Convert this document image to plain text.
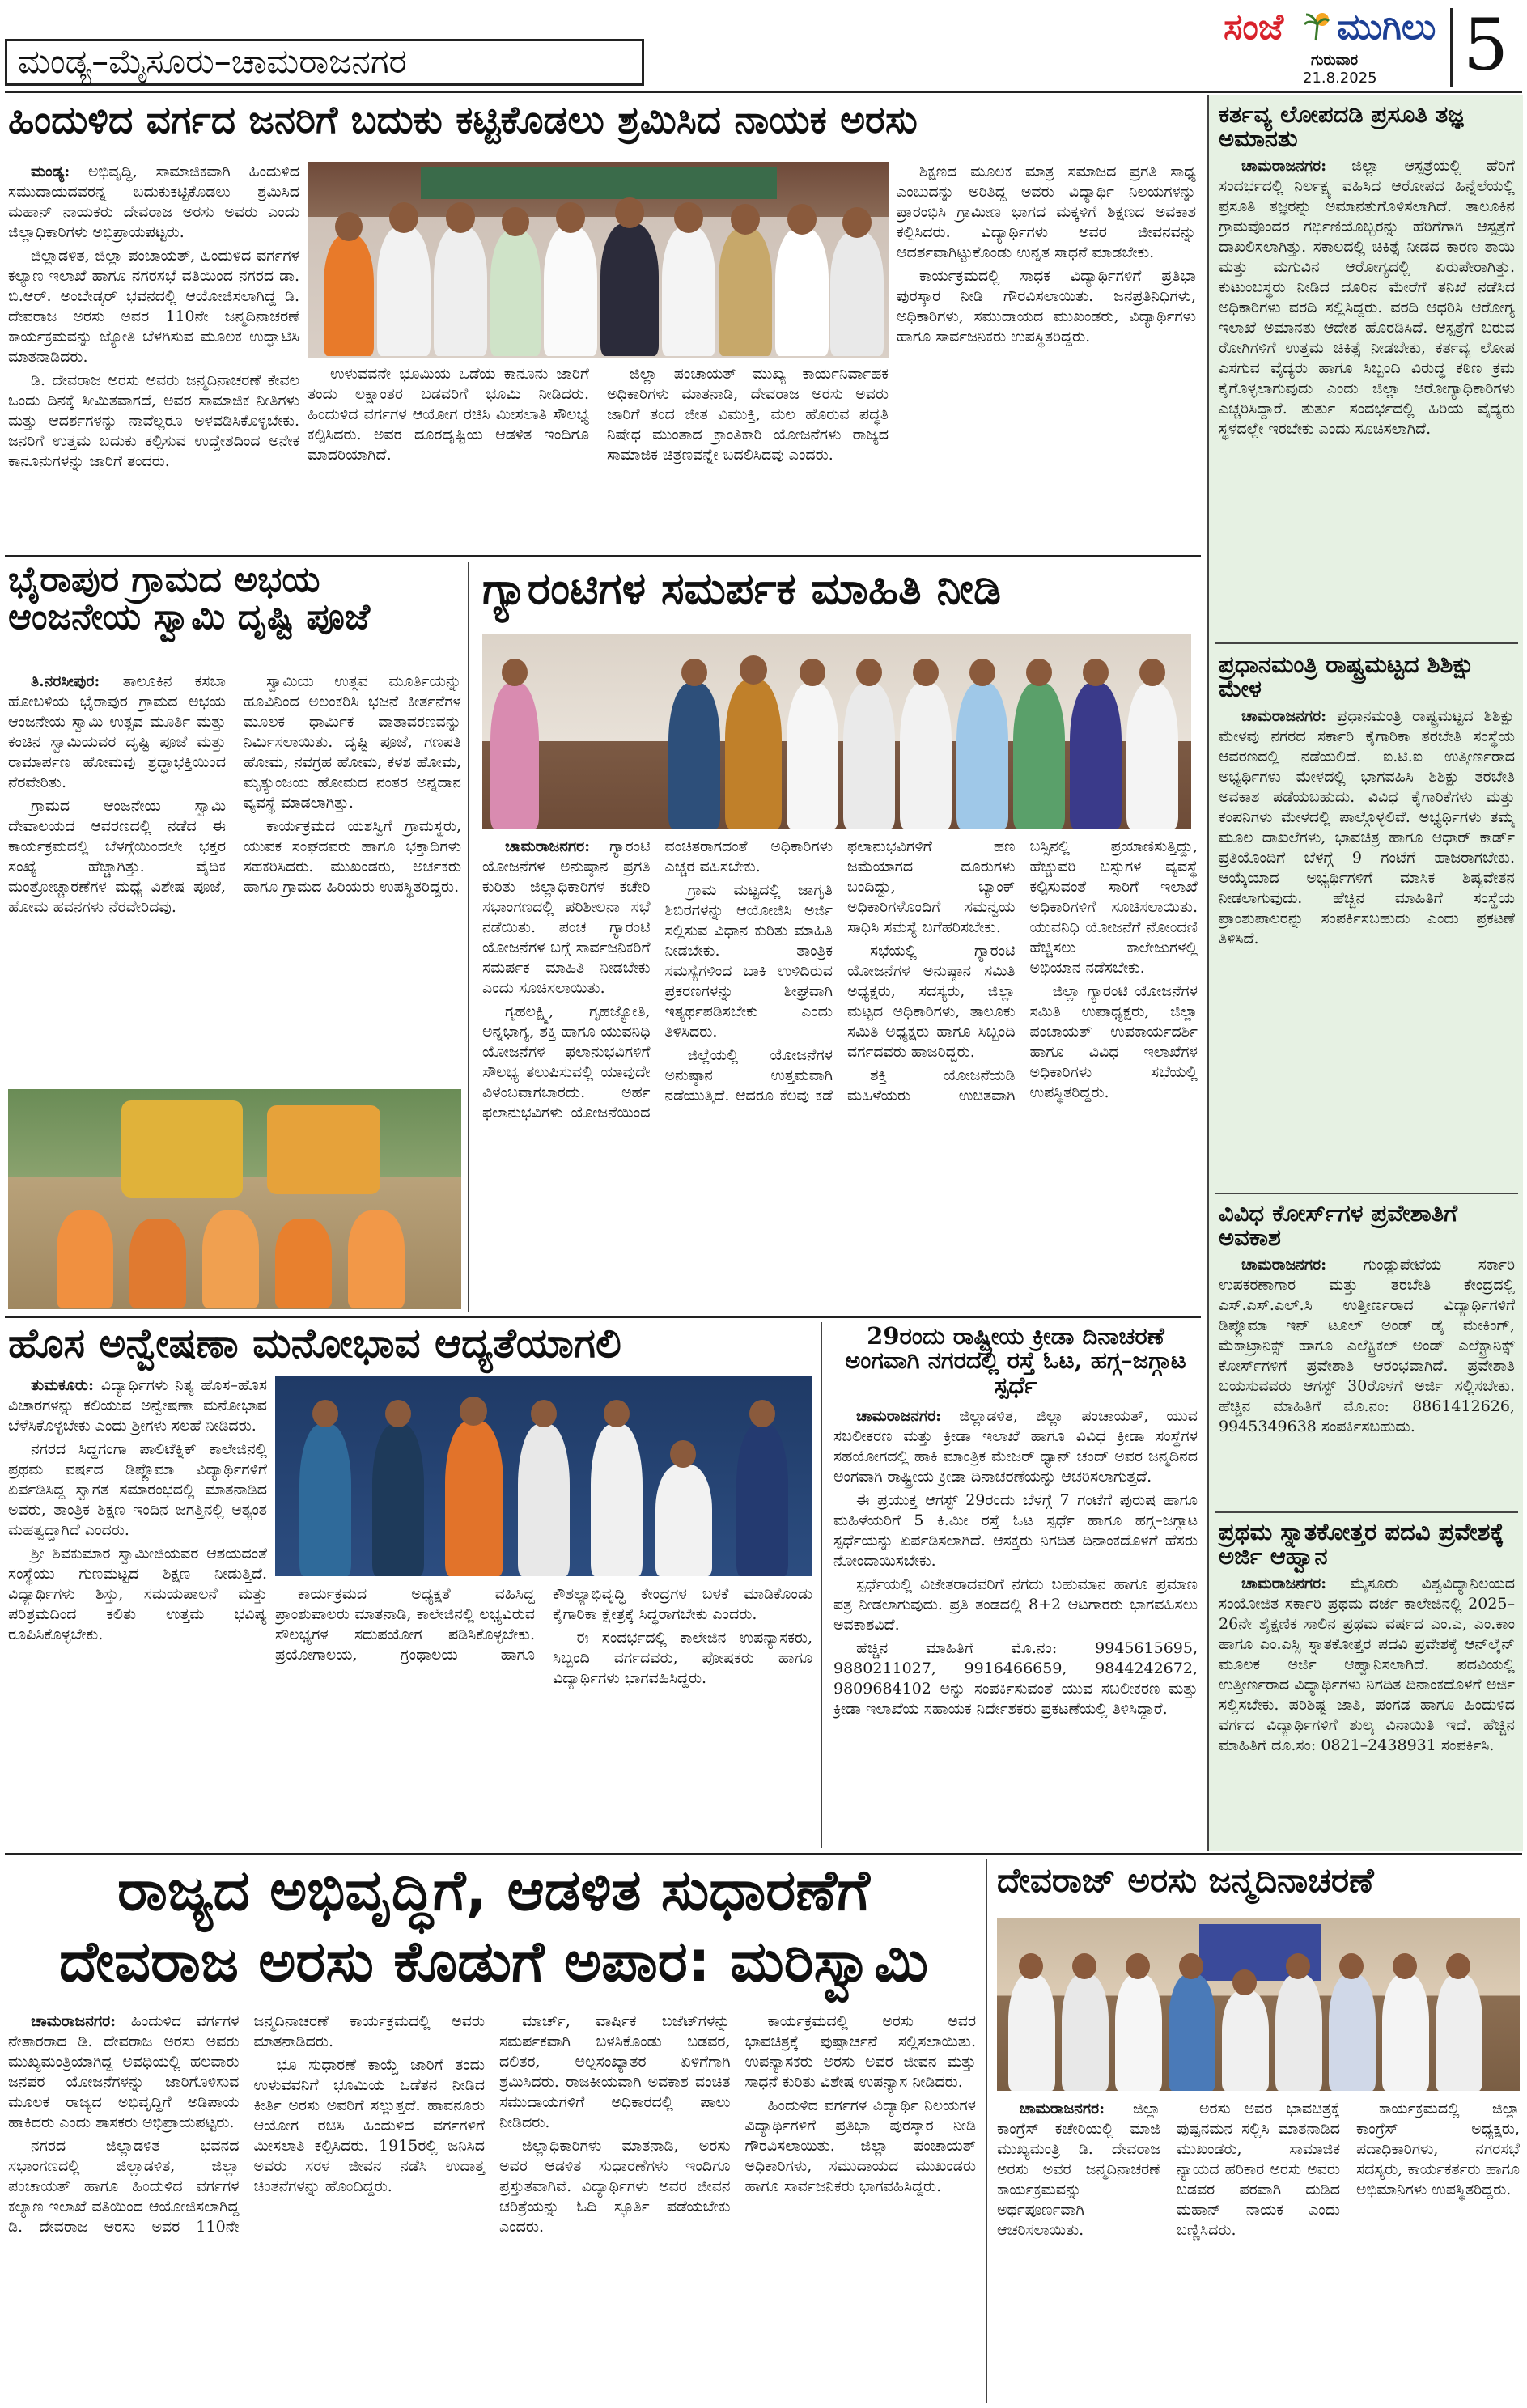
ಮಂಡ್ಯ–ಮೈಸೂರು–ಚಾಮರಾಜನಗರ
ಸಂಜೆ ಮುಗಿಲು
ಗುರುವಾರ
21.8.2025 5
ಹಿಂದುಳಿದ ವರ್ಗದ ಜನರಿಗೆ ಬದುಕು ಕಟ್ಟಿಕೊಡಲು ಶ್ರಮಿಸಿದ ನಾಯಕ ಅರಸು

ಮಂಡ್ಯ: ಅಭಿವೃದ್ಧಿ, ಸಾಮಾಜಿಕವಾಗಿ ಹಿಂದುಳಿದ ಸಮುದಾಯದವರನ್ನ ಬದುಕುಕಟ್ಟಿಕೊಡಲು ಶ್ರಮಿಸಿದ ಮಹಾನ್ ನಾಯಕರು ದೇವರಾಜ ಅರಸು ಅವರು ಎಂದು ಜಿಲ್ಲಾಧಿಕಾರಿಗಳು ಅಭಿಪ್ರಾಯಪಟ್ಟರು.

ಜಿಲ್ಲಾಡಳಿತ, ಜಿಲ್ಲಾ ಪಂಚಾಯತ್, ಹಿಂದುಳಿದ ವರ್ಗಗಳ ಕಲ್ಯಾಣ ಇಲಾಖೆ ಹಾಗೂ ನಗರಸಭೆ ವತಿಯಿಂದ ನಗರದ ಡಾ. ಬಿ.ಆರ್. ಅಂಬೇಡ್ಕರ್ ಭವನದಲ್ಲಿ ಆಯೋಜಿಸಲಾಗಿದ್ದ ಡಿ. ದೇವರಾಜ ಅರಸು ಅವರ 110ನೇ ಜನ್ಮದಿನಾಚರಣೆ ಕಾರ್ಯಕ್ರಮವನ್ನು ಜ್ಯೋತಿ ಬೆಳಗಿಸುವ ಮೂಲಕ ಉದ್ಘಾಟಿಸಿ ಮಾತನಾಡಿದರು.

ಡಿ. ದೇವರಾಜ ಅರಸು ಅವರು ಜನ್ಮದಿನಾಚರಣೆ ಕೇವಲ ಒಂದು ದಿನಕ್ಕೆ ಸೀಮಿತವಾಗದೆ, ಅವರ ಸಾಮಾಜಿಕ ನೀತಿಗಳು ಮತ್ತು ಆದರ್ಶಗಳನ್ನು ನಾವೆಲ್ಲರೂ ಅಳವಡಿಸಿಕೊಳ್ಳಬೇಕು. ಜನರಿಗೆ ಉತ್ತಮ ಬದುಕು ಕಲ್ಪಿಸುವ ಉದ್ದೇಶದಿಂದ ಅನೇಕ ಕಾನೂನುಗಳನ್ನು ಜಾರಿಗೆ ತಂದರು.

ಶಿಕ್ಷಣದ ಮೂಲಕ ಮಾತ್ರ ಸಮಾಜದ ಪ್ರಗತಿ ಸಾಧ್ಯ ಎಂಬುದನ್ನು ಅರಿತಿದ್ದ ಅವರು ವಿದ್ಯಾರ್ಥಿ ನಿಲಯಗಳನ್ನು ಪ್ರಾರಂಭಿಸಿ ಗ್ರಾಮೀಣ ಭಾಗದ ಮಕ್ಕಳಿಗೆ ಶಿಕ್ಷಣದ ಅವಕಾಶ ಕಲ್ಪಿಸಿದರು. ವಿದ್ಯಾರ್ಥಿಗಳು ಅವರ ಜೀವನವನ್ನು ಆದರ್ಶವಾಗಿಟ್ಟುಕೊಂಡು ಉನ್ನತ ಸಾಧನೆ ಮಾಡಬೇಕು.

ಕಾರ್ಯಕ್ರಮದಲ್ಲಿ ಸಾಧಕ ವಿದ್ಯಾರ್ಥಿಗಳಿಗೆ ಪ್ರತಿಭಾ ಪುರಸ್ಕಾರ ನೀಡಿ ಗೌರವಿಸಲಾಯಿತು. ಜನಪ್ರತಿನಿಧಿಗಳು, ಅಧಿಕಾರಿಗಳು, ಸಮುದಾಯದ ಮುಖಂಡರು, ವಿದ್ಯಾರ್ಥಿಗಳು ಹಾಗೂ ಸಾರ್ವಜನಿಕರು ಉಪಸ್ಥಿತರಿದ್ದರು.

ಉಳುವವನೇ ಭೂಮಿಯ ಒಡೆಯ ಕಾನೂನು ಜಾರಿಗೆ ತಂದು ಲಕ್ಷಾಂತರ ಬಡವರಿಗೆ ಭೂಮಿ ನೀಡಿದರು. ಹಿಂದುಳಿದ ವರ್ಗಗಳ ಆಯೋಗ ರಚಿಸಿ ಮೀಸಲಾತಿ ಸೌಲಭ್ಯ ಕಲ್ಪಿಸಿದರು. ಅವರ ದೂರದೃಷ್ಟಿಯ ಆಡಳಿತ ಇಂದಿಗೂ ಮಾದರಿಯಾಗಿದೆ.

ಜಿಲ್ಲಾ ಪಂಚಾಯತ್ ಮುಖ್ಯ ಕಾರ್ಯನಿರ್ವಾಹಕ ಅಧಿಕಾರಿಗಳು ಮಾತನಾಡಿ, ದೇವರಾಜ ಅರಸು ಅವರು ಜಾರಿಗೆ ತಂದ ಜೀತ ವಿಮುಕ್ತಿ, ಮಲ ಹೊರುವ ಪದ್ಧತಿ ನಿಷೇಧ ಮುಂತಾದ ಕ್ರಾಂತಿಕಾರಿ ಯೋಜನೆಗಳು ರಾಜ್ಯದ ಸಾಮಾಜಿಕ ಚಿತ್ರಣವನ್ನೇ ಬದಲಿಸಿದವು ಎಂದರು.

ಭೈರಾಪುರ ಗ್ರಾಮದ ಅಭಯ ಆಂಜನೇಯ ಸ್ವಾಮಿ ದೃಷ್ಟಿ ಪೂಜೆ

ತಿ.ನರಸೀಪುರ: ತಾಲೂಕಿನ ಕಸಬಾ ಹೋಬಳಿಯ ಭೈರಾಪುರ ಗ್ರಾಮದ ಅಭಯ ಆಂಜನೇಯ ಸ್ವಾಮಿ ಉತ್ಸವ ಮೂರ್ತಿ ಮತ್ತು ಕಂಚಿನ ಸ್ವಾಮಿಯವರ ದೃಷ್ಟಿ ಪೂಜೆ ಮತ್ತು ರಾಮಾರ್ಪಣ ಹೋಮವು ಶ್ರದ್ಧಾಭಕ್ತಿಯಿಂದ ನೆರವೇರಿತು.

ಗ್ರಾಮದ ಆಂಜನೇಯ ಸ್ವಾಮಿ ದೇವಾಲಯದ ಆವರಣದಲ್ಲಿ ನಡೆದ ಈ ಕಾರ್ಯಕ್ರಮದಲ್ಲಿ ಬೆಳಗ್ಗೆಯಿಂದಲೇ ಭಕ್ತರ ಸಂಖ್ಯೆ ಹೆಚ್ಚಾಗಿತ್ತು. ವೈದಿಕ ಮಂತ್ರೋಚ್ಚಾರಣೆಗಳ ಮಧ್ಯೆ ವಿಶೇಷ ಪೂಜೆ, ಹೋಮ ಹವನಗಳು ನೆರವೇರಿದವು.

ಸ್ವಾಮಿಯ ಉತ್ಸವ ಮೂರ್ತಿಯನ್ನು ಹೂವಿನಿಂದ ಅಲಂಕರಿಸಿ ಭಜನೆ ಕೀರ್ತನೆಗಳ ಮೂಲಕ ಧಾರ್ಮಿಕ ವಾತಾವರಣವನ್ನು ನಿರ್ಮಿಸಲಾಯಿತು. ದೃಷ್ಟಿ ಪೂಜೆ, ಗಣಪತಿ ಹೋಮ, ನವಗ್ರಹ ಹೋಮ, ಕಳಶ ಹೋಮ, ಮೃತ್ಯುಂಜಯ ಹೋಮದ ನಂತರ ಅನ್ನದಾನ ವ್ಯವಸ್ಥೆ ಮಾಡಲಾಗಿತ್ತು.

ಕಾರ್ಯಕ್ರಮದ ಯಶಸ್ವಿಗೆ ಗ್ರಾಮಸ್ಥರು, ಯುವಕ ಸಂಘದವರು ಹಾಗೂ ಭಕ್ತಾದಿಗಳು ಸಹಕರಿಸಿದರು. ಮುಖಂಡರು, ಅರ್ಚಕರು ಹಾಗೂ ಗ್ರಾಮದ ಹಿರಿಯರು ಉಪಸ್ಥಿತರಿದ್ದರು.

ಗ್ಯಾರಂಟಿಗಳ ಸಮರ್ಪಕ ಮಾಹಿತಿ ನೀಡಿ

ಚಾಮರಾಜನಗರ: ಗ್ಯಾರಂಟಿ ಯೋಜನೆಗಳ ಅನುಷ್ಠಾನ ಪ್ರಗತಿ ಕುರಿತು ಜಿಲ್ಲಾಧಿಕಾರಿಗಳ ಕಚೇರಿ ಸಭಾಂಗಣದಲ್ಲಿ ಪರಿಶೀಲನಾ ಸಭೆ ನಡೆಯಿತು. ಪಂಚ ಗ್ಯಾರಂಟಿ ಯೋಜನೆಗಳ ಬಗ್ಗೆ ಸಾರ್ವಜನಿಕರಿಗೆ ಸಮರ್ಪಕ ಮಾಹಿತಿ ನೀಡಬೇಕು ಎಂದು ಸೂಚಿಸಲಾಯಿತು.

ಗೃಹಲಕ್ಷ್ಮಿ, ಗೃಹಜ್ಯೋತಿ, ಅನ್ನಭಾಗ್ಯ, ಶಕ್ತಿ ಹಾಗೂ ಯುವನಿಧಿ ಯೋಜನೆಗಳ ಫಲಾನುಭವಿಗಳಿಗೆ ಸೌಲಭ್ಯ ತಲುಪಿಸುವಲ್ಲಿ ಯಾವುದೇ ವಿಳಂಬವಾಗಬಾರದು. ಅರ್ಹ ಫಲಾನುಭವಿಗಳು ಯೋಜನೆಯಿಂದ ವಂಚಿತರಾಗದಂತೆ ಅಧಿಕಾರಿಗಳು ಎಚ್ಚರ ವಹಿಸಬೇಕು.

ಗ್ರಾಮ ಮಟ್ಟದಲ್ಲಿ ಜಾಗೃತಿ ಶಿಬಿರಗಳನ್ನು ಆಯೋಜಿಸಿ ಅರ್ಜಿ ಸಲ್ಲಿಸುವ ವಿಧಾನ ಕುರಿತು ಮಾಹಿತಿ ನೀಡಬೇಕು. ತಾಂತ್ರಿಕ ಸಮಸ್ಯೆಗಳಿಂದ ಬಾಕಿ ಉಳಿದಿರುವ ಪ್ರಕರಣಗಳನ್ನು ಶೀಘ್ರವಾಗಿ ಇತ್ಯರ್ಥಪಡಿಸಬೇಕು ಎಂದು ತಿಳಿಸಿದರು.

ಜಿಲ್ಲೆಯಲ್ಲಿ ಯೋಜನೆಗಳ ಅನುಷ್ಠಾನ ಉತ್ತಮವಾಗಿ ನಡೆಯುತ್ತಿದೆ. ಆದರೂ ಕೆಲವು ಕಡೆ ಫಲಾನುಭವಿಗಳಿಗೆ ಹಣ ಜಮೆಯಾಗದ ದೂರುಗಳು ಬಂದಿದ್ದು, ಬ್ಯಾಂಕ್ ಅಧಿಕಾರಿಗಳೊಂದಿಗೆ ಸಮನ್ವಯ ಸಾಧಿಸಿ ಸಮಸ್ಯೆ ಬಗೆಹರಿಸಬೇಕು.

ಸಭೆಯಲ್ಲಿ ಗ್ಯಾರಂಟಿ ಯೋಜನೆಗಳ ಅನುಷ್ಠಾನ ಸಮಿತಿ ಅಧ್ಯಕ್ಷರು, ಸದಸ್ಯರು, ಜಿಲ್ಲಾ ಮಟ್ಟದ ಅಧಿಕಾರಿಗಳು, ತಾಲೂಕು ಸಮಿತಿ ಅಧ್ಯಕ್ಷರು ಹಾಗೂ ಸಿಬ್ಬಂದಿ ವರ್ಗದವರು ಹಾಜರಿದ್ದರು.

ಶಕ್ತಿ ಯೋಜನೆಯಡಿ ಮಹಿಳೆಯರು ಉಚಿತವಾಗಿ ಬಸ್ಸಿನಲ್ಲಿ ಪ್ರಯಾಣಿಸುತ್ತಿದ್ದು, ಹೆಚ್ಚುವರಿ ಬಸ್ಸುಗಳ ವ್ಯವಸ್ಥೆ ಕಲ್ಪಿಸುವಂತೆ ಸಾರಿಗೆ ಇಲಾಖೆ ಅಧಿಕಾರಿಗಳಿಗೆ ಸೂಚಿಸಲಾಯಿತು. ಯುವನಿಧಿ ಯೋಜನೆಗೆ ನೋಂದಣಿ ಹೆಚ್ಚಿಸಲು ಕಾಲೇಜುಗಳಲ್ಲಿ ಅಭಿಯಾನ ನಡೆಸಬೇಕು.

ಜಿಲ್ಲಾ ಗ್ಯಾರಂಟಿ ಯೋಜನೆಗಳ ಸಮಿತಿ ಉಪಾಧ್ಯಕ್ಷರು, ಜಿಲ್ಲಾ ಪಂಚಾಯತ್ ಉಪಕಾರ್ಯದರ್ಶಿ ಹಾಗೂ ವಿವಿಧ ಇಲಾಖೆಗಳ ಅಧಿಕಾರಿಗಳು ಸಭೆಯಲ್ಲಿ ಉಪಸ್ಥಿತರಿದ್ದರು.

ಹೊಸ ಅನ್ವೇಷಣಾ ಮನೋಭಾವ ಆದ್ಯತೆಯಾಗಲಿ

ತುಮಕೂರು: ವಿದ್ಯಾರ್ಥಿಗಳು ನಿತ್ಯ ಹೊಸ–ಹೊಸ ವಿಚಾರಗಳನ್ನು ಕಲಿಯುವ ಅನ್ವೇಷಣಾ ಮನೋಭಾವ ಬೆಳೆಸಿಕೊಳ್ಳಬೇಕು ಎಂದು ಶ್ರೀಗಳು ಸಲಹೆ ನೀಡಿದರು.

ನಗರದ ಸಿದ್ದಗಂಗಾ ಪಾಲಿಟೆಕ್ನಿಕ್ ಕಾಲೇಜಿನಲ್ಲಿ ಪ್ರಥಮ ವರ್ಷದ ಡಿಪ್ಲೊಮಾ ವಿದ್ಯಾರ್ಥಿಗಳಿಗೆ ಏರ್ಪಡಿಸಿದ್ದ ಸ್ವಾಗತ ಸಮಾರಂಭದಲ್ಲಿ ಮಾತನಾಡಿದ ಅವರು, ತಾಂತ್ರಿಕ ಶಿಕ್ಷಣ ಇಂದಿನ ಜಗತ್ತಿನಲ್ಲಿ ಅತ್ಯಂತ ಮಹತ್ವದ್ದಾಗಿದೆ ಎಂದರು.

ಶ್ರೀ ಶಿವಕುಮಾರ ಸ್ವಾಮೀಜಿಯವರ ಆಶಯದಂತೆ ಸಂಸ್ಥೆಯು ಗುಣಮಟ್ಟದ ಶಿಕ್ಷಣ ನೀಡುತ್ತಿದೆ. ವಿದ್ಯಾರ್ಥಿಗಳು ಶಿಸ್ತು, ಸಮಯಪಾಲನೆ ಮತ್ತು ಪರಿಶ್ರಮದಿಂದ ಕಲಿತು ಉತ್ತಮ ಭವಿಷ್ಯ ರೂಪಿಸಿಕೊಳ್ಳಬೇಕು.

ಕಾರ್ಯಕ್ರಮದ ಅಧ್ಯಕ್ಷತೆ ವಹಿಸಿದ್ದ ಪ್ರಾಂಶುಪಾಲರು ಮಾತನಾಡಿ, ಕಾಲೇಜಿನಲ್ಲಿ ಲಭ್ಯವಿರುವ ಸೌಲಭ್ಯಗಳ ಸದುಪಯೋಗ ಪಡಿಸಿಕೊಳ್ಳಬೇಕು. ಪ್ರಯೋಗಾಲಯ, ಗ್ರಂಥಾಲಯ ಹಾಗೂ ಕೌಶಲ್ಯಾಭಿವೃದ್ಧಿ ಕೇಂದ್ರಗಳ ಬಳಕೆ ಮಾಡಿಕೊಂಡು ಕೈಗಾರಿಕಾ ಕ್ಷೇತ್ರಕ್ಕೆ ಸಿದ್ಧರಾಗಬೇಕು ಎಂದರು.

ಈ ಸಂದರ್ಭದಲ್ಲಿ ಕಾಲೇಜಿನ ಉಪನ್ಯಾಸಕರು, ಸಿಬ್ಬಂದಿ ವರ್ಗದವರು, ಪೋಷಕರು ಹಾಗೂ ವಿದ್ಯಾರ್ಥಿಗಳು ಭಾಗವಹಿಸಿದ್ದರು.

29ರಂದು ರಾಷ್ಟ್ರೀಯ ಕ್ರೀಡಾ ದಿನಾಚರಣೆ ಅಂಗವಾಗಿ ನಗರದಲ್ಲಿ ರಸ್ತೆ ಓಟ, ಹಗ್ಗ–ಜಗ್ಗಾಟ ಸ್ಪರ್ಧೆ

ಚಾಮರಾಜನಗರ: ಜಿಲ್ಲಾಡಳಿತ, ಜಿಲ್ಲಾ ಪಂಚಾಯತ್, ಯುವ ಸಬಲೀಕರಣ ಮತ್ತು ಕ್ರೀಡಾ ಇಲಾಖೆ ಹಾಗೂ ವಿವಿಧ ಕ್ರೀಡಾ ಸಂಸ್ಥೆಗಳ ಸಹಯೋಗದಲ್ಲಿ ಹಾಕಿ ಮಾಂತ್ರಿಕ ಮೇಜರ್ ಧ್ಯಾನ್ ಚಂದ್ ಅವರ ಜನ್ಮದಿನದ ಅಂಗವಾಗಿ ರಾಷ್ಟ್ರೀಯ ಕ್ರೀಡಾ ದಿನಾಚರಣೆಯನ್ನು ಆಚರಿಸಲಾಗುತ್ತದೆ.

ಈ ಪ್ರಯುಕ್ತ ಆಗಸ್ಟ್ 29ರಂದು ಬೆಳಗ್ಗೆ 7 ಗಂಟೆಗೆ ಪುರುಷ ಹಾಗೂ ಮಹಿಳೆಯರಿಗೆ 5 ಕಿ.ಮೀ ರಸ್ತೆ ಓಟ ಸ್ಪರ್ಧೆ ಹಾಗೂ ಹಗ್ಗ–ಜಗ್ಗಾಟ ಸ್ಪರ್ಧೆಯನ್ನು ಏರ್ಪಡಿಸಲಾಗಿದೆ. ಆಸಕ್ತರು ನಿಗದಿತ ದಿನಾಂಕದೊಳಗೆ ಹೆಸರು ನೋಂದಾಯಿಸಬೇಕು.

ಸ್ಪರ್ಧೆಯಲ್ಲಿ ವಿಜೇತರಾದವರಿಗೆ ನಗದು ಬಹುಮಾನ ಹಾಗೂ ಪ್ರಮಾಣ ಪತ್ರ ನೀಡಲಾಗುವುದು. ಪ್ರತಿ ತಂಡದಲ್ಲಿ 8+2 ಆಟಗಾರರು ಭಾಗವಹಿಸಲು ಅವಕಾಶವಿದೆ.

ಹೆಚ್ಚಿನ ಮಾಹಿತಿಗೆ ಮೊ.ನಂ: 9945615695, 9880211027, 9916466659, 9844242672, 9809684102 ಅನ್ನು ಸಂಪರ್ಕಿಸುವಂತೆ ಯುವ ಸಬಲೀಕರಣ ಮತ್ತು ಕ್ರೀಡಾ ಇಲಾಖೆಯ ಸಹಾಯಕ ನಿರ್ದೇಶಕರು ಪ್ರಕಟಣೆಯಲ್ಲಿ ತಿಳಿಸಿದ್ದಾರೆ.

ಕರ್ತವ್ಯ ಲೋಪದಡಿ ಪ್ರಸೂತಿ ತಜ್ಞ ಅಮಾನತು

ಚಾಮರಾಜನಗರ: ಜಿಲ್ಲಾ ಆಸ್ಪತ್ರೆಯಲ್ಲಿ ಹೆರಿಗೆ ಸಂದರ್ಭದಲ್ಲಿ ನಿರ್ಲಕ್ಷ್ಯ ವಹಿಸಿದ ಆರೋಪದ ಹಿನ್ನೆಲೆಯಲ್ಲಿ ಪ್ರಸೂತಿ ತಜ್ಞರನ್ನು ಅಮಾನತುಗೊಳಿಸಲಾಗಿದೆ. ತಾಲೂಕಿನ ಗ್ರಾಮವೊಂದರ ಗರ್ಭಿಣಿಯೊಬ್ಬರನ್ನು ಹೆರಿಗೆಗಾಗಿ ಆಸ್ಪತ್ರೆಗೆ ದಾಖಲಿಸಲಾಗಿತ್ತು. ಸಕಾಲದಲ್ಲಿ ಚಿಕಿತ್ಸೆ ನೀಡದ ಕಾರಣ ತಾಯಿ ಮತ್ತು ಮಗುವಿನ ಆರೋಗ್ಯದಲ್ಲಿ ಏರುಪೇರಾಗಿತ್ತು. ಕುಟುಂಬಸ್ಥರು ನೀಡಿದ ದೂರಿನ ಮೇರೆಗೆ ತನಿಖೆ ನಡೆಸಿದ ಅಧಿಕಾರಿಗಳು ವರದಿ ಸಲ್ಲಿಸಿದ್ದರು. ವರದಿ ಆಧರಿಸಿ ಆರೋಗ್ಯ ಇಲಾಖೆ ಅಮಾನತು ಆದೇಶ ಹೊರಡಿಸಿದೆ. ಆಸ್ಪತ್ರೆಗೆ ಬರುವ ರೋಗಿಗಳಿಗೆ ಉತ್ತಮ ಚಿಕಿತ್ಸೆ ನೀಡಬೇಕು, ಕರ್ತವ್ಯ ಲೋಪ ಎಸಗುವ ವೈದ್ಯರು ಹಾಗೂ ಸಿಬ್ಬಂದಿ ವಿರುದ್ಧ ಕಠಿಣ ಕ್ರಮ ಕೈಗೊಳ್ಳಲಾಗುವುದು ಎಂದು ಜಿಲ್ಲಾ ಆರೋಗ್ಯಾಧಿಕಾರಿಗಳು ಎಚ್ಚರಿಸಿದ್ದಾರೆ. ತುರ್ತು ಸಂದರ್ಭದಲ್ಲಿ ಹಿರಿಯ ವೈದ್ಯರು ಸ್ಥಳದಲ್ಲೇ ಇರಬೇಕು ಎಂದು ಸೂಚಿಸಲಾಗಿದೆ.

ಪ್ರಧಾನಮಂತ್ರಿ ರಾಷ್ಟ್ರಮಟ್ಟದ ಶಿಶಿಕ್ಷು ಮೇಳ

ಚಾಮರಾಜನಗರ: ಪ್ರಧಾನಮಂತ್ರಿ ರಾಷ್ಟ್ರಮಟ್ಟದ ಶಿಶಿಕ್ಷು ಮೇಳವು ನಗರದ ಸರ್ಕಾರಿ ಕೈಗಾರಿಕಾ ತರಬೇತಿ ಸಂಸ್ಥೆಯ ಆವರಣದಲ್ಲಿ ನಡೆಯಲಿದೆ. ಐ.ಟಿ.ಐ ಉತ್ತೀರ್ಣರಾದ ಅಭ್ಯರ್ಥಿಗಳು ಮೇಳದಲ್ಲಿ ಭಾಗವಹಿಸಿ ಶಿಶಿಕ್ಷು ತರಬೇತಿ ಅವಕಾಶ ಪಡೆಯಬಹುದು. ವಿವಿಧ ಕೈಗಾರಿಕೆಗಳು ಮತ್ತು ಕಂಪನಿಗಳು ಮೇಳದಲ್ಲಿ ಪಾಲ್ಗೊಳ್ಳಲಿವೆ. ಅಭ್ಯರ್ಥಿಗಳು ತಮ್ಮ ಮೂಲ ದಾಖಲೆಗಳು, ಭಾವಚಿತ್ರ ಹಾಗೂ ಆಧಾರ್ ಕಾರ್ಡ್ ಪ್ರತಿಯೊಂದಿಗೆ ಬೆಳಗ್ಗೆ 9 ಗಂಟೆಗೆ ಹಾಜರಾಗಬೇಕು. ಆಯ್ಕೆಯಾದ ಅಭ್ಯರ್ಥಿಗಳಿಗೆ ಮಾಸಿಕ ಶಿಷ್ಯವೇತನ ನೀಡಲಾಗುವುದು. ಹೆಚ್ಚಿನ ಮಾಹಿತಿಗೆ ಸಂಸ್ಥೆಯ ಪ್ರಾಂಶುಪಾಲರನ್ನು ಸಂಪರ್ಕಿಸಬಹುದು ಎಂದು ಪ್ರಕಟಣೆ ತಿಳಿಸಿದೆ.

ವಿವಿಧ ಕೋರ್ಸ್‌ಗಳ ಪ್ರವೇಶಾತಿಗೆ ಅವಕಾಶ

ಚಾಮರಾಜನಗರ: ಗುಂಡ್ಲುಪೇಟೆಯ ಸರ್ಕಾರಿ ಉಪಕರಣಾಗಾರ ಮತ್ತು ತರಬೇತಿ ಕೇಂದ್ರದಲ್ಲಿ ಎಸ್.ಎಸ್.ಎಲ್.ಸಿ ಉತ್ತೀರ್ಣರಾದ ವಿದ್ಯಾರ್ಥಿಗಳಿಗೆ ಡಿಪ್ಲೊಮಾ ಇನ್ ಟೂಲ್ ಅಂಡ್ ಡೈ ಮೇಕಿಂಗ್, ಮೆಕಾಟ್ರಾನಿಕ್ಸ್ ಹಾಗೂ ಎಲೆಕ್ಟ್ರಿಕಲ್ ಅಂಡ್ ಎಲೆಕ್ಟ್ರಾನಿಕ್ಸ್ ಕೋರ್ಸ್‌ಗಳಿಗೆ ಪ್ರವೇಶಾತಿ ಆರಂಭವಾಗಿದೆ. ಪ್ರವೇಶಾತಿ ಬಯಸುವವರು ಆಗಸ್ಟ್ 30ರೊಳಗೆ ಅರ್ಜಿ ಸಲ್ಲಿಸಬೇಕು. ಹೆಚ್ಚಿನ ಮಾಹಿತಿಗೆ ಮೊ.ನಂ: 8861412626, 9945349638 ಸಂಪರ್ಕಿಸಬಹುದು.

ಪ್ರಥಮ ಸ್ನಾತಕೋತ್ತರ ಪದವಿ ಪ್ರವೇಶಕ್ಕೆ ಅರ್ಜಿ ಆಹ್ವಾನ

ಚಾಮರಾಜನಗರ: ಮೈಸೂರು ವಿಶ್ವವಿದ್ಯಾನಿಲಯದ ಸಂಯೋಜಿತ ಸರ್ಕಾರಿ ಪ್ರಥಮ ದರ್ಜೆ ಕಾಲೇಜಿನಲ್ಲಿ 2025–26ನೇ ಶೈಕ್ಷಣಿಕ ಸಾಲಿನ ಪ್ರಥಮ ವರ್ಷದ ಎಂ.ಎ, ಎಂ.ಕಾಂ ಹಾಗೂ ಎಂ.ಎಸ್ಸಿ ಸ್ನಾತಕೋತ್ತರ ಪದವಿ ಪ್ರವೇಶಕ್ಕೆ ಆನ್‌ಲೈನ್ ಮೂಲಕ ಅರ್ಜಿ ಆಹ್ವಾನಿಸಲಾಗಿದೆ. ಪದವಿಯಲ್ಲಿ ಉತ್ತೀರ್ಣರಾದ ವಿದ್ಯಾರ್ಥಿಗಳು ನಿಗದಿತ ದಿನಾಂಕದೊಳಗೆ ಅರ್ಜಿ ಸಲ್ಲಿಸಬೇಕು. ಪರಿಶಿಷ್ಟ ಜಾತಿ, ಪಂಗಡ ಹಾಗೂ ಹಿಂದುಳಿದ ವರ್ಗದ ವಿದ್ಯಾರ್ಥಿಗಳಿಗೆ ಶುಲ್ಕ ವಿನಾಯಿತಿ ಇದೆ. ಹೆಚ್ಚಿನ ಮಾಹಿತಿಗೆ ದೂ.ಸಂ: 0821–2438931 ಸಂಪರ್ಕಿಸಿ.

ರಾಜ್ಯದ ಅಭಿವೃದ್ಧಿಗೆ, ಆಡಳಿತ ಸುಧಾರಣೆಗೆ
ದೇವರಾಜ ಅರಸು ಕೊಡುಗೆ ಅಪಾರ: ಮರಿಸ್ವಾಮಿ

ಚಾಮರಾಜನಗರ: ಹಿಂದುಳಿದ ವರ್ಗಗಳ ನೇತಾರರಾದ ಡಿ. ದೇವರಾಜ ಅರಸು ಅವರು ಮುಖ್ಯಮಂತ್ರಿಯಾಗಿದ್ದ ಅವಧಿಯಲ್ಲಿ ಹಲವಾರು ಜನಪರ ಯೋಜನೆಗಳನ್ನು ಜಾರಿಗೊಳಿಸುವ ಮೂಲಕ ರಾಜ್ಯದ ಅಭಿವೃದ್ಧಿಗೆ ಅಡಿಪಾಯ ಹಾಕಿದರು ಎಂದು ಶಾಸಕರು ಅಭಿಪ್ರಾಯಪಟ್ಟರು.

ನಗರದ ಜಿಲ್ಲಾಡಳಿತ ಭವನದ ಸಭಾಂಗಣದಲ್ಲಿ ಜಿಲ್ಲಾಡಳಿತ, ಜಿಲ್ಲಾ ಪಂಚಾಯತ್ ಹಾಗೂ ಹಿಂದುಳಿದ ವರ್ಗಗಳ ಕಲ್ಯಾಣ ಇಲಾಖೆ ವತಿಯಿಂದ ಆಯೋಜಿಸಲಾಗಿದ್ದ ಡಿ. ದೇವರಾಜ ಅರಸು ಅವರ 110ನೇ ಜನ್ಮದಿನಾಚರಣೆ ಕಾರ್ಯಕ್ರಮದಲ್ಲಿ ಅವರು ಮಾತನಾಡಿದರು.

ಭೂ ಸುಧಾರಣೆ ಕಾಯ್ದೆ ಜಾರಿಗೆ ತಂದು ಉಳುವವನಿಗೆ ಭೂಮಿಯ ಒಡೆತನ ನೀಡಿದ ಕೀರ್ತಿ ಅರಸು ಅವರಿಗೆ ಸಲ್ಲುತ್ತದೆ. ಹಾವನೂರು ಆಯೋಗ ರಚಿಸಿ ಹಿಂದುಳಿದ ವರ್ಗಗಳಿಗೆ ಮೀಸಲಾತಿ ಕಲ್ಪಿಸಿದರು. 1915ರಲ್ಲಿ ಜನಿಸಿದ ಅವರು ಸರಳ ಜೀವನ ನಡೆಸಿ ಉದಾತ್ತ ಚಿಂತನೆಗಳನ್ನು ಹೊಂದಿದ್ದರು.

ಮಾರ್ಚ್, ವಾರ್ಷಿಕ ಬಜೆಟ್‌ಗಳನ್ನು ಸಮರ್ಪಕವಾಗಿ ಬಳಸಿಕೊಂಡು ಬಡವರ, ದಲಿತರ, ಅಲ್ಪಸಂಖ್ಯಾತರ ಏಳಿಗೆಗಾಗಿ ಶ್ರಮಿಸಿದರು. ರಾಜಕೀಯವಾಗಿ ಅವಕಾಶ ವಂಚಿತ ಸಮುದಾಯಗಳಿಗೆ ಅಧಿಕಾರದಲ್ಲಿ ಪಾಲು ನೀಡಿದರು.

ಜಿಲ್ಲಾಧಿಕಾರಿಗಳು ಮಾತನಾಡಿ, ಅರಸು ಅವರ ಆಡಳಿತ ಸುಧಾರಣೆಗಳು ಇಂದಿಗೂ ಪ್ರಸ್ತುತವಾಗಿವೆ. ವಿದ್ಯಾರ್ಥಿಗಳು ಅವರ ಜೀವನ ಚರಿತ್ರೆಯನ್ನು ಓದಿ ಸ್ಫೂರ್ತಿ ಪಡೆಯಬೇಕು ಎಂದರು.

ಕಾರ್ಯಕ್ರಮದಲ್ಲಿ ಅರಸು ಅವರ ಭಾವಚಿತ್ರಕ್ಕೆ ಪುಷ್ಪಾರ್ಚನೆ ಸಲ್ಲಿಸಲಾಯಿತು. ಉಪನ್ಯಾಸಕರು ಅರಸು ಅವರ ಜೀವನ ಮತ್ತು ಸಾಧನೆ ಕುರಿತು ವಿಶೇಷ ಉಪನ್ಯಾಸ ನೀಡಿದರು.

ಹಿಂದುಳಿದ ವರ್ಗಗಳ ವಿದ್ಯಾರ್ಥಿ ನಿಲಯಗಳ ವಿದ್ಯಾರ್ಥಿಗಳಿಗೆ ಪ್ರತಿಭಾ ಪುರಸ್ಕಾರ ನೀಡಿ ಗೌರವಿಸಲಾಯಿತು. ಜಿಲ್ಲಾ ಪಂಚಾಯತ್ ಅಧಿಕಾರಿಗಳು, ಸಮುದಾಯದ ಮುಖಂಡರು ಹಾಗೂ ಸಾರ್ವಜನಿಕರು ಭಾಗವಹಿಸಿದ್ದರು.

ದೇವರಾಜ್ ಅರಸು ಜನ್ಮದಿನಾಚರಣೆ

ಚಾಮರಾಜನಗರ: ಜಿಲ್ಲಾ ಕಾಂಗ್ರೆಸ್ ಕಚೇರಿಯಲ್ಲಿ ಮಾಜಿ ಮುಖ್ಯಮಂತ್ರಿ ಡಿ. ದೇವರಾಜ ಅರಸು ಅವರ ಜನ್ಮದಿನಾಚರಣೆ ಕಾರ್ಯಕ್ರಮವನ್ನು ಅರ್ಥಪೂರ್ಣವಾಗಿ ಆಚರಿಸಲಾಯಿತು.

ಅರಸು ಅವರ ಭಾವಚಿತ್ರಕ್ಕೆ ಪುಷ್ಪನಮನ ಸಲ್ಲಿಸಿ ಮಾತನಾಡಿದ ಮುಖಂಡರು, ಸಾಮಾಜಿಕ ನ್ಯಾಯದ ಹರಿಕಾರ ಅರಸು ಅವರು ಬಡವರ ಪರವಾಗಿ ದುಡಿದ ಮಹಾನ್ ನಾಯಕ ಎಂದು ಬಣ್ಣಿಸಿದರು.

ಕಾರ್ಯಕ್ರಮದಲ್ಲಿ ಜಿಲ್ಲಾ ಕಾಂಗ್ರೆಸ್ ಅಧ್ಯಕ್ಷರು, ಪದಾಧಿಕಾರಿಗಳು, ನಗರಸಭೆ ಸದಸ್ಯರು, ಕಾರ್ಯಕರ್ತರು ಹಾಗೂ ಅಭಿಮಾನಿಗಳು ಉಪಸ್ಥಿತರಿದ್ದರು.
